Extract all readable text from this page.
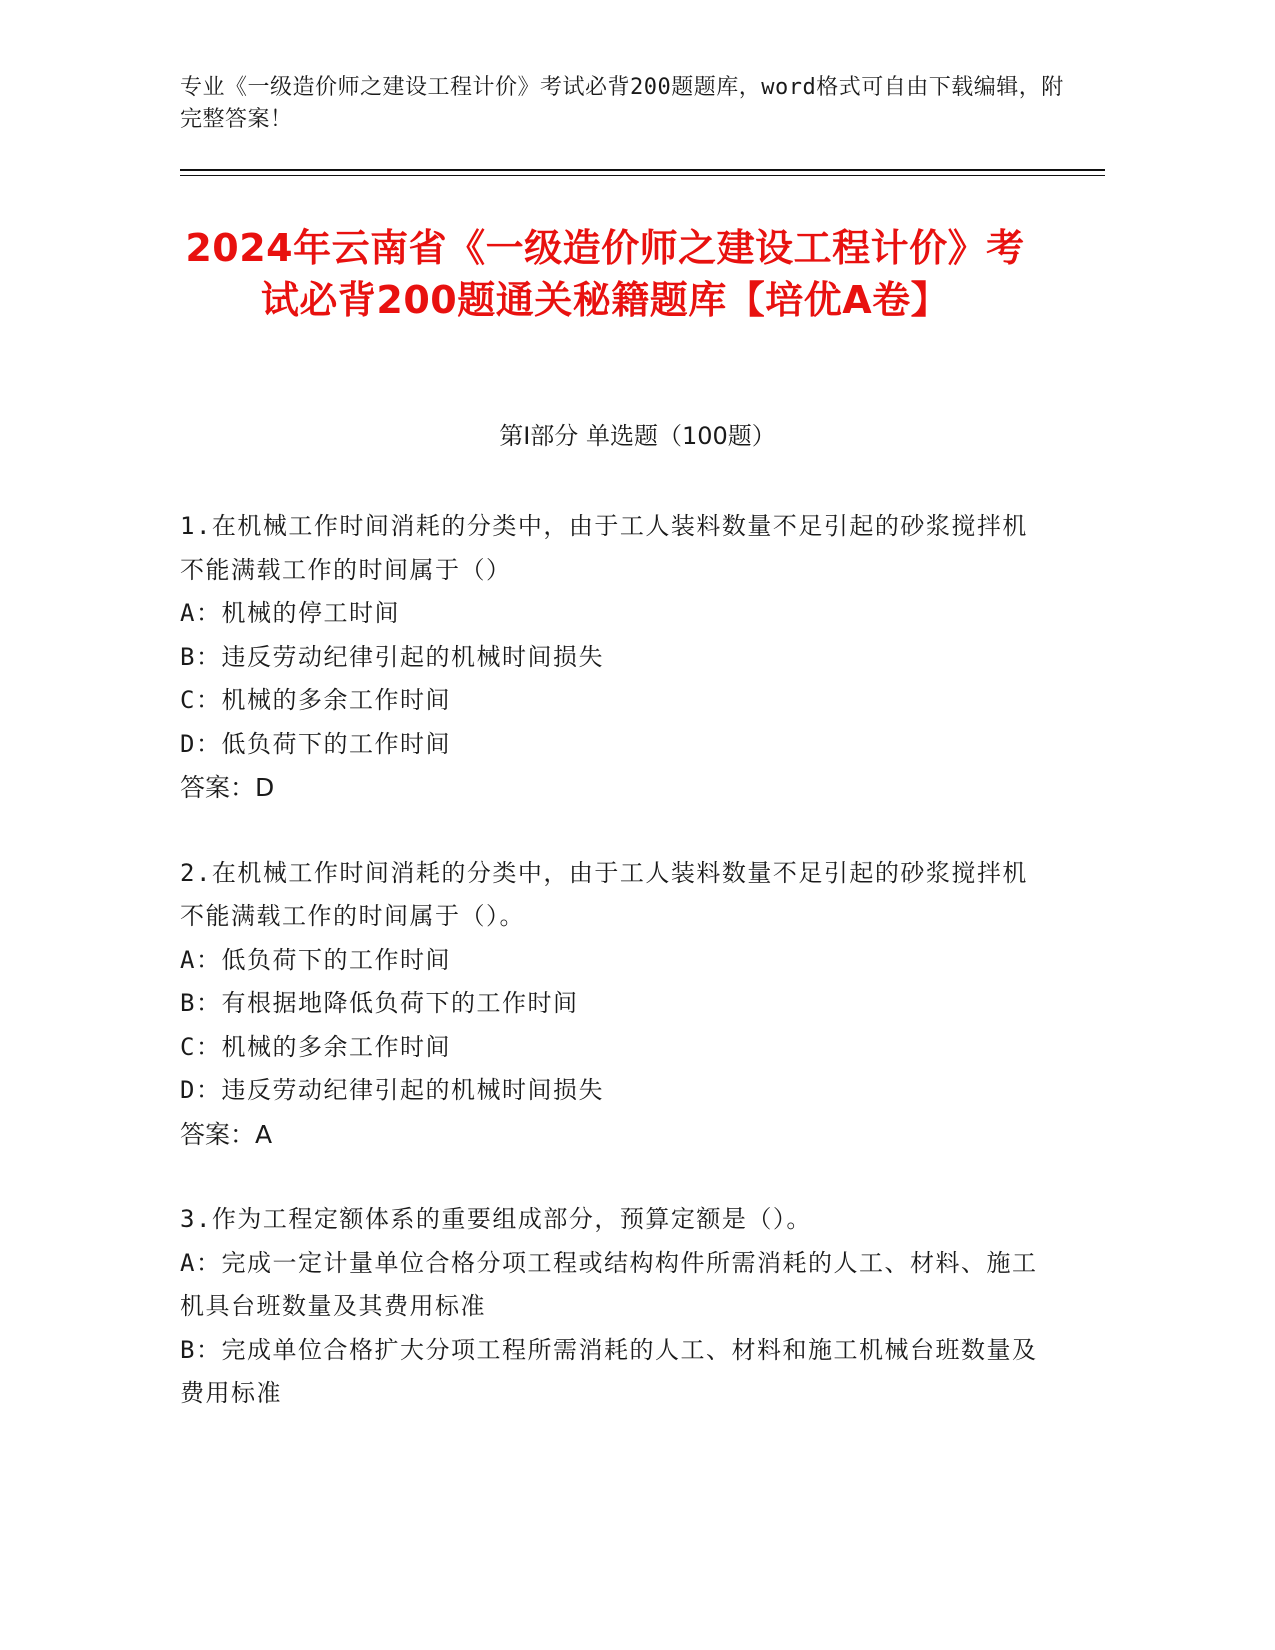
专业《一级造价师之建设工程计价》考试必背200题题库，word格式可自由下载编辑，附完整答案！
2024年云南省《一级造价师之建设工程计价》考试必背200题通关秘籍题库【培优A卷】
第I部分 单选题（100题）
1.在机械工作时间消耗的分类中，由于工人装料数量不足引起的砂浆搅拌机不能满载工作的时间属于（）
A：机械的停工时间
B：违反劳动纪律引起的机械时间损失
C：机械的多余工作时间
D：低负荷下的工作时间
答案：D
2.在机械工作时间消耗的分类中，由于工人装料数量不足引起的砂浆搅拌机不能满载工作的时间属于（）。
A：低负荷下的工作时间
B：有根据地降低负荷下的工作时间
C：机械的多余工作时间
D：违反劳动纪律引起的机械时间损失
答案：A
3.作为工程定额体系的重要组成部分，预算定额是（）。
A：完成一定计量单位合格分项工程或结构构件所需消耗的人工、材料、施工机具台班数量及其费用标准
B：完成单位合格扩大分项工程所需消耗的人工、材料和施工机械台班数量及费用标准
